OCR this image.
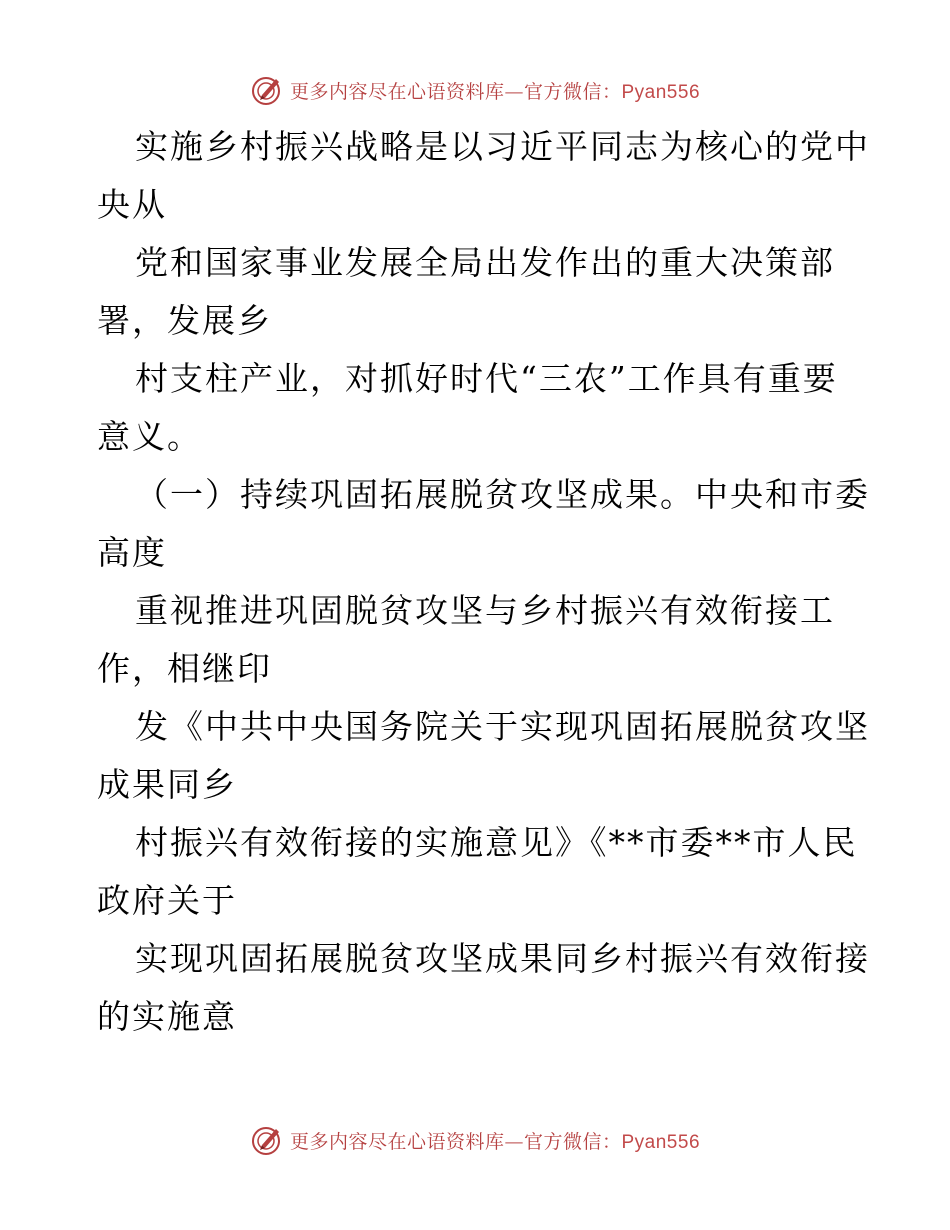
更多内容尽在心语资料库—官方微信：Pyan556
实施乡村振兴战略是以习近平同志为核心的党中
央从
党和国家事业发展全局出发作出的重大决策部
署，发展乡
村支柱产业，对抓好时代“三农”工作具有重要
意义。
（一）持续巩固拓展脱贫攻坚成果。中央和市委
高度
重视推进巩固脱贫攻坚与乡村振兴有效衔接工
作，相继印
发《中共中央国务院关于实现巩固拓展脱贫攻坚
成果同乡
村振兴有效衔接的实施意见》《**市委**市人民
政府关于
实现巩固拓展脱贫攻坚成果同乡村振兴有效衔接
的实施意
更多内容尽在心语资料库—官方微信：Pyan556
